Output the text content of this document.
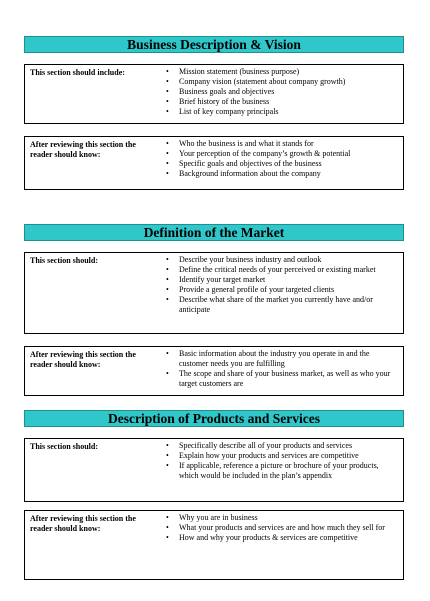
Business Description & Vision
This section should include:	• Mission statement (business purpose)
• Company vision (statement about company growth)
• Business goals and objectives
• Brief history of the business
• List of key company principals
After reviewing this section the reader should know:
• Who the business is and what it stands for
• Your perception of the company’s growth & potential
• Specific goals and objectives of the business
• Background information about the company
Definition of the Market
This section should:	• Describe your business industry and outlook
• Define the critical needs of your perceived or existing market
• Identify your target market
• Provide a general profile of your targeted clients
• Describe what share of the market you currently have and/or anticipate
After reviewing this section the reader should know:
• Basic information about the industry you operate in and the customer needs you are fulfilling
• The scope and share of your business market, as well as who your target customers are
Description of Products and Services
This section should:	• Specifically describe all of your products and services
• Explain how your products and services are competitive
• If applicable, reference a picture or brochure of your products, which would be included in the plan’s appendix
After reviewing this section the reader should know:
• Why you are in business
• What your products and services are and how much they sell for
• How and why your products & services are competitive
